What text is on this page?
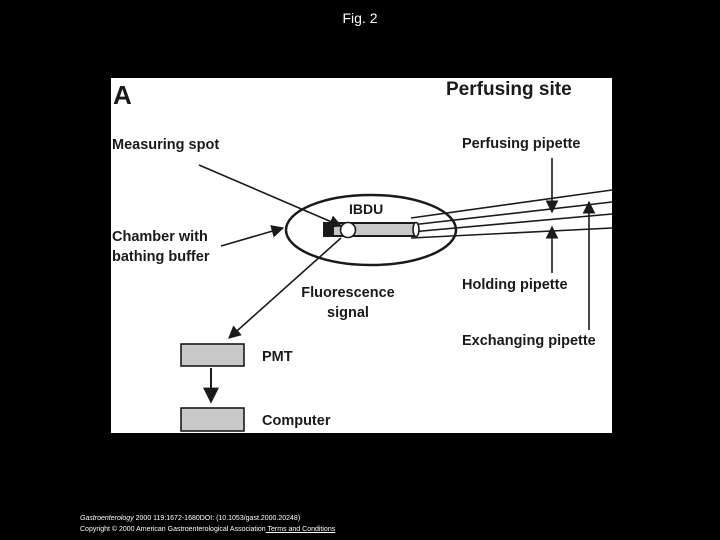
Fig. 2
A	Perfusing site
IBDU
Measuring spot
Chamber with
bathing buffer
Perfusing pipette
Holding pipette
Exchanging pipette
Fluorescence
signal
PMT
Computer
Gastroenterology 2000 119:1672-1680DOI: (10.1053/gast.2000.20248)
Copyright © 2000 American Gastroenterological Association Terms and Conditions
